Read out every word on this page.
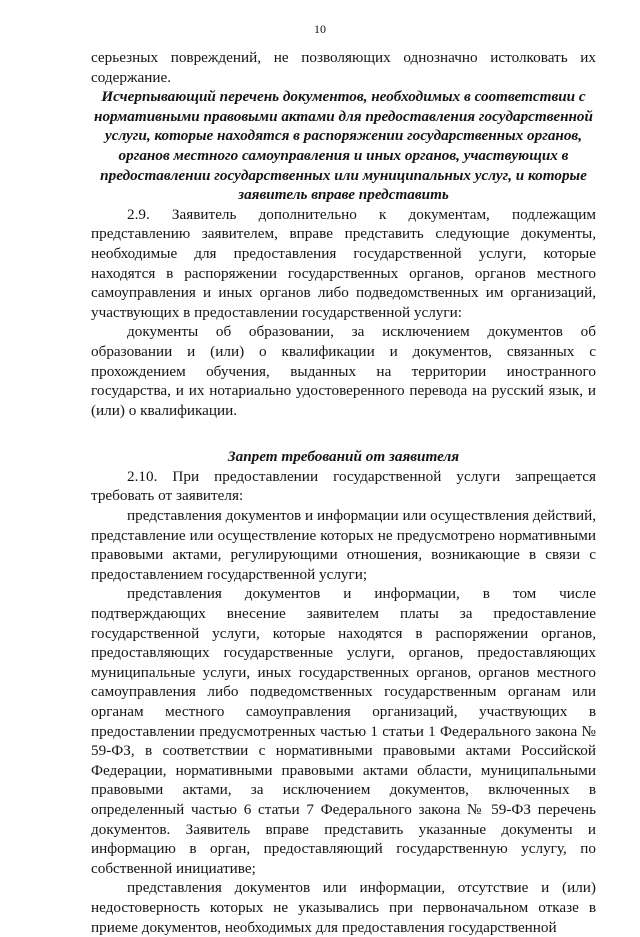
10

серьезных повреждений, не позволяющих однозначно истолковать их содержание.

Исчерпывающий перечень документов, необходимых в соответствии с нормативными правовыми актами для предоставления государственной услуги, которые находятся в распоряжении государственных органов, органов местного самоуправления и иных органов, участвующих в предоставлении государственных или муниципальных услуг, и которые заявитель вправе представить

2.9. Заявитель дополнительно к документам, подлежащим представлению заявителем, вправе представить следующие документы, необходимые для предоставления государственной услуги, которые находятся в распоряжении государственных органов, органов местного самоуправления и иных органов либо подведомственных им организаций, участвующих в предоставлении государственной услуги:

документы об образовании, за исключением документов об образовании и (или) о квалификации и документов, связанных с прохождением обучения, выданных на территории иностранного государства, и их нотариально удостоверенного перевода на русский язык, и (или) о квалификации.

Запрет требований от заявителя

2.10. При предоставлении государственной услуги запрещается требовать от заявителя:

представления документов и информации или осуществления действий, представление или осуществление которых не предусмотрено нормативными правовыми актами, регулирующими отношения, возникающие в связи с предоставлением государственной услуги;

представления документов и информации, в том числе подтверждающих внесение заявителем платы за предоставление государственной услуги, которые находятся в распоряжении органов, предоставляющих государственные услуги, органов, предоставляющих муниципальные услуги, иных государственных органов, органов местного самоуправления либо подведомственных государственным органам или органам местного самоуправления организаций, участвующих в предоставлении предусмотренных частью 1 статьи 1 Федерального закона № 59-ФЗ, в соответствии с нормативными правовыми актами Российской Федерации, нормативными правовыми актами области, муниципальными правовыми актами, за исключением документов, включенных в определенный частью 6 статьи 7 Федерального закона № 59-ФЗ перечень документов. Заявитель вправе представить указанные документы и информацию в орган, предоставляющий государственную услугу, по собственной инициативе;

представления документов или информации, отсутствие и (или) недостоверность которых не указывались при первоначальном отказе в приеме документов, необходимых для предоставления государственной
